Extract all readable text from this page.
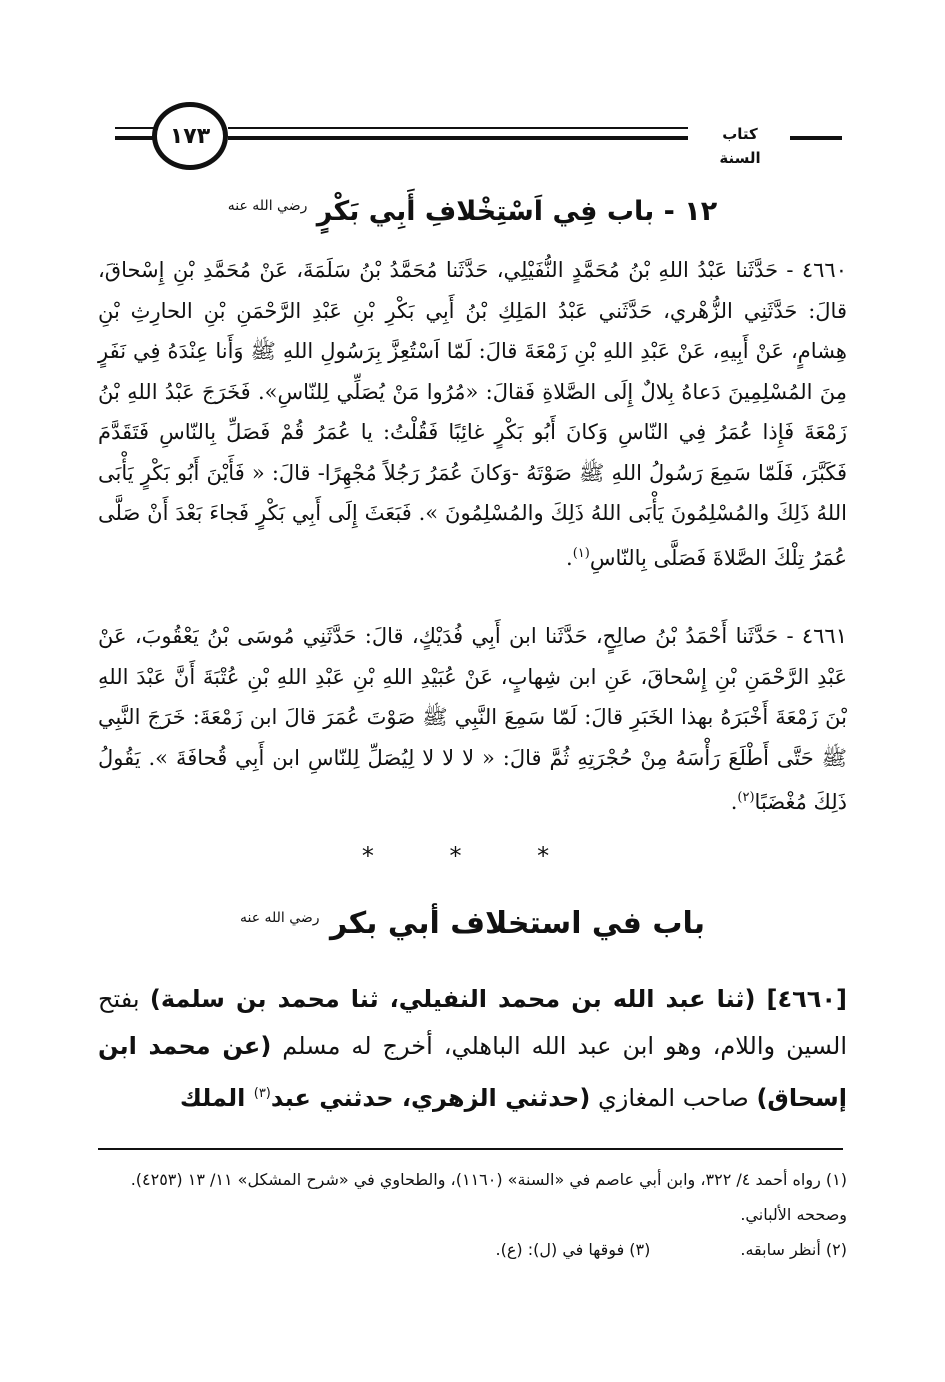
١٧٣	كتاب السنة
١٢ - باب فِي اَسْتِخْلافِ أَبِي بَكْرٍ $^{رضي الله عنه}$
٤٦٦٠ - حَدَّثَنا عَبْدُ اللهِ بْنُ مُحَمَّدٍ النُّفَيْلِي، حَدَّثَنا مُحَمَّدُ بْنُ سَلَمَةَ، عَنْ مُحَمَّدِ بْنِ إِسْحاقَ، قالَ: حَدَّثَنِي الزُّهْري، حَدَّثَني عَبْدُ المَلِكِ بْنُ أَبِي بَكْرِ بْنِ عَبْدِ الرَّحْمَنِ بْنِ الحارِثِ بْنِ هِشامٍ، عَنْ أَبِيهِ، عَنْ عَبْدِ اللهِ بْنِ زَمْعَةَ قالَ: لَمّا اَسْتُعِزَّ بِرَسُولِ اللهِ ﷺ وَأَنا عِنْدَهُ فِي نَفَرٍ مِنَ المُسْلِمِينَ دَعاهُ بِلالٌ إِلَى الصَّلاةِ فَقالَ: «مُرُوا مَنْ يُصَلِّي لِلنّاسِ». فَخَرَجَ عَبْدُ اللهِ بْنُ زَمْعَةَ فَإِذا عُمَرُ فِي النّاسِ وَكانَ أَبُو بَكْرٍ غائِبًا فَقُلْتُ: يا عُمَرُ قُمْ فَصَلِّ بِالنّاسِ فَتَقَدَّمَ فَكَبَّرَ، فَلَمّا سَمِعَ رَسُولُ اللهِ ﷺ صَوْتَهُ -وَكانَ عُمَرُ رَجُلاً مُجْهِرًا- قالَ: « فَأَيْنَ أَبُو بَكْرٍ يَأْبَى اللهُ ذَلِكَ والمُسْلِمُونَ يَأْبَى اللهُ ذَلِكَ والمُسْلِمُونَ ». فَبَعَثَ إِلَى أَبِي بَكْرٍ فَجاءَ بَعْدَ أَنْ صَلَّى عُمَرُ تِلْكَ الصَّلاةَ فَصَلَّى بِالنّاسِ$^{(١)}$.
٤٦٦١ - حَدَّثَنا أَحْمَدُ بْنُ صالِحٍ، حَدَّثَنا ابن أَبِي فُدَيْكٍ، قالَ: حَدَّثَنِي مُوسَى بْنُ يَعْقُوبَ، عَنْ عَبْدِ الرَّحْمَنِ بْنِ إِسْحاقَ، عَنِ ابن شِهابٍ، عَنْ عُبَيْدِ اللهِ بْنِ عَبْدِ اللهِ بْنِ عُتْبَةَ أَنَّ عَبْدَ اللهِ بْنَ زَمْعَةَ أَخْبَرَهُ بهذا الخَبَرِ قالَ: لَمّا سَمِعَ النَّبِي ﷺ صَوْتَ عُمَرَ قالَ ابن زَمْعَةَ: خَرَجَ النَّبِي ﷺ حَتَّى أَطْلَعَ رَأْسَهُ مِنْ حُجْرَتِهِ ثُمَّ قالَ: « لا لا لا لِيُصَلِّ لِلنّاسِ ابن أَبِي قُحافَةَ ». يَقُولُ ذَلِكَ مُغْضَبًا$^{(٢)}$.
* * *
باب في استخلاف أبي بكر $^{رضي الله عنه}$
[٤٦٦٠] (ثنا عبد الله بن محمد النفيلي، ثنا محمد بن سلمة) بفتح السين واللام، وهو ابن عبد الله الباهلي، أخرج له مسلم (عن محمد ابن إسحاق) صاحب المغازي (حدثني الزهري، حدثني عبد$^{(٣)}$ الملك
(١) رواه أحمد ٤/ ٣٢٢، وابن أبي عاصم في «السنة» (١١٦٠)، والطحاوي في «شرح المشكل» ١١/ ١٣ (٤٢٥٣). وصححه الألباني.
(٢) أنظر سابقه.
(٣) فوقها في (ل): (ع).
